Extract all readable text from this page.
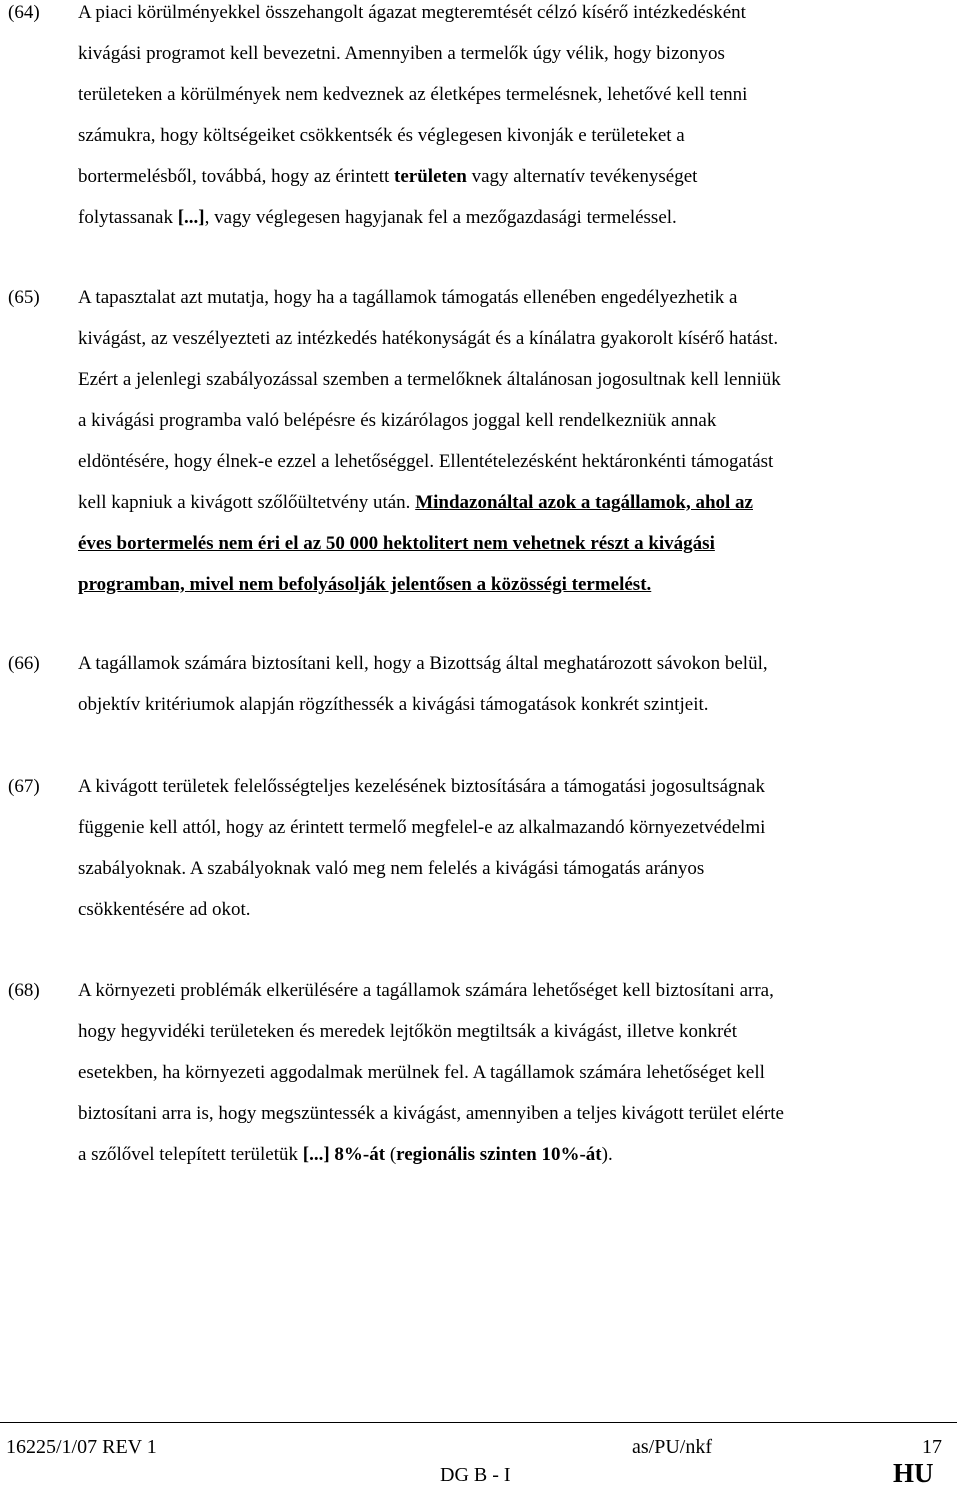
(64) A piaci körülményekkel összehangolt ágazat megteremtését célzó kísérő intézkedésként
kivágási programot kell bevezetni. Amennyiben a termelők úgy vélik, hogy bizonyos
területeken a körülmények nem kedveznek az életképes termelésnek, lehetővé kell tenni
számukra, hogy költségeiket csökkentsék és véglegesen kivonják e területeket a
bortermelésből, továbbá, hogy az érintett területen vagy alternatív tevékenységet
folytassanak [...], vagy véglegesen hagyjanak fel a mezőgazdasági termeléssel.
(65) A tapasztalat azt mutatja, hogy ha a tagállamok támogatás ellenében engedélyezhetik a
kivágást, az veszélyezteti az intézkedés hatékonyságát és a kínálatra gyakorolt kísérő hatást.
Ezért a jelenlegi szabályozással szemben a termelőknek általánosan jogosultnak kell lenniük
a kivágási programba való belépésre és kizárólagos joggal kell rendelkezniük annak
eldöntésére, hogy élnek-e ezzel a lehetőséggel. Ellentételezésként hektáronkénti támogatást
kell kapniuk a kivágott szőlőültetvény után. Mindazonáltal azok a tagállamok, ahol az
éves bortermelés nem éri el az 50 000 hektolitert nem vehetnek részt a kivágási
programban, mivel nem befolyásolják jelentősen a közösségi termelést.
(66) A tagállamok számára biztosítani kell, hogy a Bizottság által meghatározott sávokon belül,
objektív kritériumok alapján rögzíthessék a kivágási támogatások konkrét szintjeit.
(67) A kivágott területek felelősségteljes kezelésének biztosítására a támogatási jogosultságnak
függenie kell attól, hogy az érintett termelő megfelel-e az alkalmazandó környezetvédelmi
szabályoknak. A szabályoknak való meg nem felelés a kivágási támogatás arányos
csökkentésére ad okot.
(68) A környezeti problémák elkerülésére a tagállamok számára lehetőséget kell biztosítani arra,
hogy hegyvidéki területeken és meredek lejtőkön megtiltsák a kivágást, illetve konkrét
esetekben, ha környezeti aggodalmak merülnek fel. A tagállamok számára lehetőséget kell
biztosítani arra is, hogy megszüntessék a kivágást, amennyiben a teljes kivágott terület elérte
a szőlővel telepített területük [...] 8%-át (regionális szinten 10%-át).
16225/1/07 REV 1	as/PU/nkf	17
DG B - I	HU
